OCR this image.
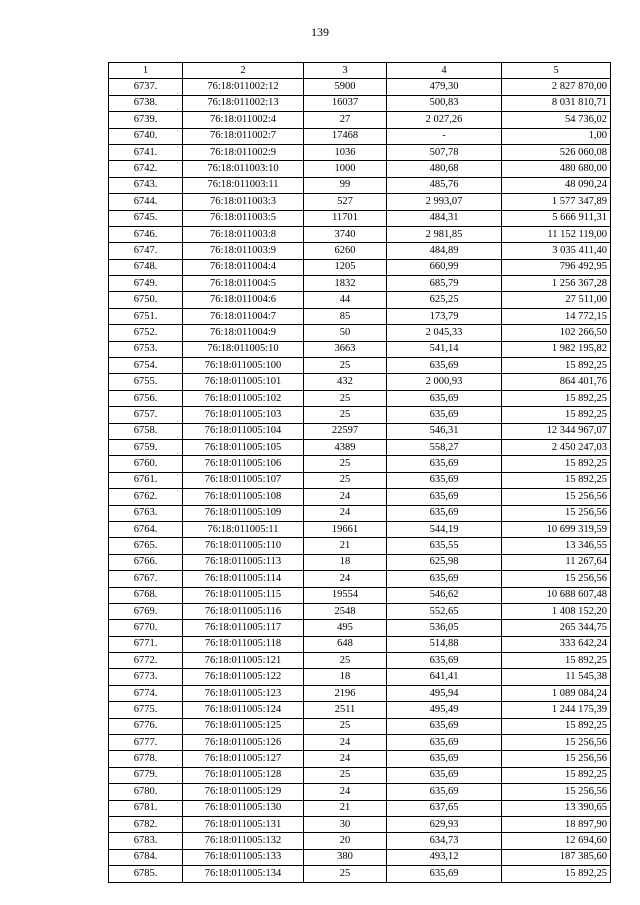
139
1	2	3	4	5
6737.	76:18:011002:12	5900	479,30	2 827 870,00
6738.	76:18:011002:13	16037	500,83	8 031 810,71
6739.	76:18:011002:4	27	2 027,26	54 736,02
6740.	76:18:011002:7	17468	-	1,00
6741.	76:18:011002:9	1036	507,78	526 060,08
6742.	76:18:011003:10	1000	480,68	480 680,00
6743.	76:18:011003:11	99	485,76	48 090,24
6744.	76:18:011003:3	527	2 993,07	1 577 347,89
6745.	76:18:011003:5	11701	484,31	5 666 911,31
6746.	76:18:011003:8	3740	2 981,85	11 152 119,00
6747.	76:18:011003:9	6260	484,89	3 035 411,40
6748.	76:18:011004:4	1205	660,99	796 492,95
6749.	76:18:011004:5	1832	685,79	1 256 367,28
6750.	76:18:011004:6	44	625,25	27 511,00
6751.	76:18:011004:7	85	173,79	14 772,15
6752.	76:18:011004:9	50	2 045,33	102 266,50
6753.	76:18:011005:10	3663	541,14	1 982 195,82
6754.	76:18:011005:100	25	635,69	15 892,25
6755.	76:18:011005:101	432	2 000,93	864 401,76
6756.	76:18:011005:102	25	635,69	15 892,25
6757.	76:18:011005:103	25	635,69	15 892,25
6758.	76:18:011005:104	22597	546,31	12 344 967,07
6759.	76:18:011005:105	4389	558,27	2 450 247,03
6760.	76:18:011005:106	25	635,69	15 892,25
6761.	76:18:011005:107	25	635,69	15 892,25
6762.	76:18:011005:108	24	635,69	15 256,56
6763.	76:18:011005:109	24	635,69	15 256,56
6764.	76:18:011005:11	19661	544,19	10 699 319,59
6765.	76:18:011005:110	21	635,55	13 346,55
6766.	76:18:011005:113	18	625,98	11 267,64
6767.	76:18:011005:114	24	635,69	15 256,56
6768.	76:18:011005:115	19554	546,62	10 688 607,48
6769.	76:18:011005:116	2548	552,65	1 408 152,20
6770.	76:18:011005:117	495	536,05	265 344,75
6771.	76:18:011005:118	648	514,88	333 642,24
6772.	76:18:011005:121	25	635,69	15 892,25
6773.	76:18:011005:122	18	641,41	11 545,38
6774.	76:18:011005:123	2196	495,94	1 089 084,24
6775.	76:18:011005:124	2511	495,49	1 244 175,39
6776.	76:18:011005:125	25	635,69	15 892,25
6777.	76:18:011005:126	24	635,69	15 256,56
6778.	76:18:011005:127	24	635,69	15 256,56
6779.	76:18:011005:128	25	635,69	15 892,25
6780.	76:18:011005:129	24	635,69	15 256,56
6781.	76:18:011005:130	21	637,65	13 390,65
6782.	76:18:011005:131	30	629,93	18 897,90
6783.	76:18:011005:132	20	634,73	12 694,60
6784.	76:18:011005:133	380	493,12	187 385,60
6785.	76:18:011005:134	25	635,69	15 892,25
